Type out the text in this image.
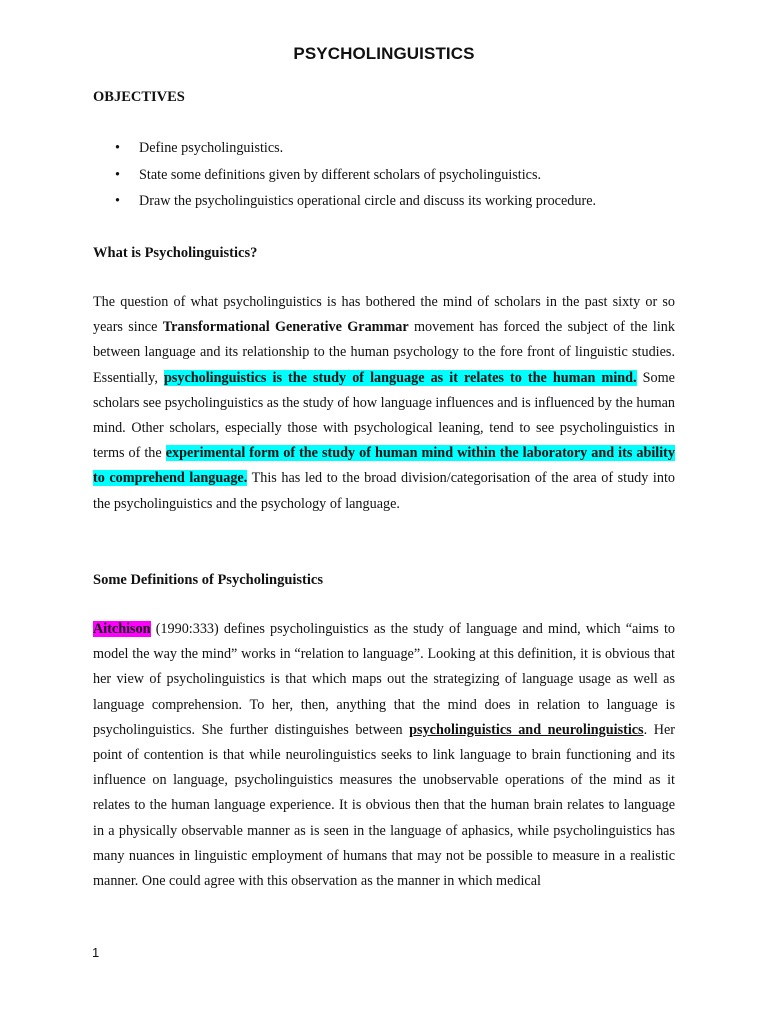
PSYCHOLINGUISTICS
OBJECTIVES
• Define psycholinguistics.
• State some definitions given by different scholars of psycholinguistics.
• Draw the psycholinguistics operational circle and discuss its working procedure.
What is Psycholinguistics?

The question of what psycholinguistics is has bothered the mind of scholars in the past sixty or so years since Transformational Generative Grammar movement has forced the subject of the link between language and its relationship to the human psychology to the fore front of linguistic studies. Essentially, psycholinguistics is the study of language as it relates to the human mind. Some scholars see psycholinguistics as the study of how language influences and is influenced by the human mind. Other scholars, especially those with psychological leaning, tend to see psycholinguistics in terms of the experimental form of the study of human mind within the laboratory and its ability to comprehend language. This has led to the broad division/categorisation of the area of study into the psycholinguistics and the psychology of language.

Some Definitions of Psycholinguistics

Aitchison (1990:333) defines psycholinguistics as the study of language and mind, which “aims to model the way the mind” works in “relation to language”. Looking at this definition, it is obvious that her view of psycholinguistics is that which maps out the strategizing of language usage as well as language comprehension. To her, then, anything that the mind does in relation to language is psycholinguistics. She further distinguishes between psycholinguistics and neurolinguistics. Her point of contention is that while neurolinguistics seeks to link language to brain functioning and its influence on language, psycholinguistics measures the unobservable operations of the mind as it relates to the human language experience. It is obvious then that the human brain relates to language in a physically observable manner as is seen in the language of aphasics, while psycholinguistics has many nuances in linguistic employment of humans that may not be possible to measure in a realistic manner. One could agree with this observation as the manner in which medical

1
